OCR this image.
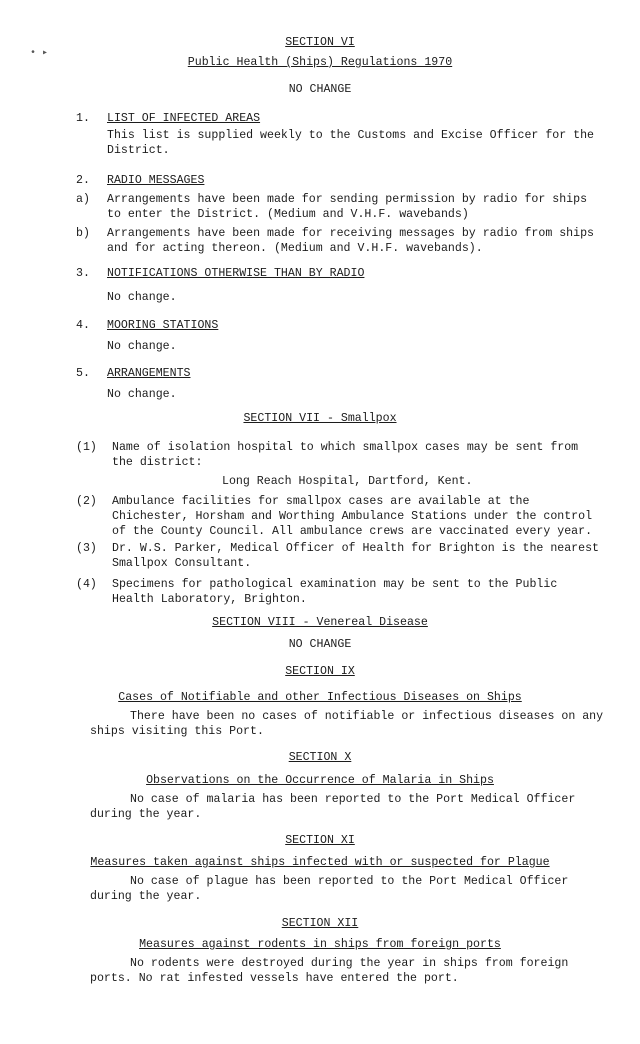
• ▸
SECTION VI
Public Health (Ships) Regulations 1970
NO CHANGE
1. LIST OF INFECTED AREAS
This list is supplied weekly to the Customs and Excise Officer for the District.
2. RADIO MESSAGES
a) Arrangements have been made for sending permission by radio for ships to enter the District. (Medium and V.H.F. wavebands)
b) Arrangements have been made for receiving messages by radio from ships and for acting thereon. (Medium and V.H.F. wavebands).
3. NOTIFICATIONS OTHERWISE THAN BY RADIO
No change.
4. MOORING STATIONS
No change.
5. ARRANGEMENTS
No change.
SECTION VII - Smallpox
(1) Name of isolation hospital to which smallpox cases may be sent from the district:
Long Reach Hospital, Dartford, Kent.
(2) Ambulance facilities for smallpox cases are available at the Chichester, Horsham and Worthing Ambulance Stations under the control of the County Council. All ambulance crews are vaccinated every year.
(3) Dr. W.S. Parker, Medical Officer of Health for Brighton is the nearest Smallpox Consultant.
(4) Specimens for pathological examination may be sent to the Public Health Laboratory, Brighton.
SECTION VIII - Venereal Disease
NO CHANGE
SECTION IX
Cases of Notifiable and other Infectious Diseases on Ships
There have been no cases of notifiable or infectious diseases on any ships visiting this Port.
SECTION X
Observations on the Occurrence of Malaria in Ships
No case of malaria has been reported to the Port Medical Officer during the year.
SECTION XI
Measures taken against ships infected with or suspected for Plague
No case of plague has been reported to the Port Medical Officer during the year.
SECTION XII
Measures against rodents in ships from foreign ports
No rodents were destroyed during the year in ships from foreign ports. No rat infested vessels have entered the port.
